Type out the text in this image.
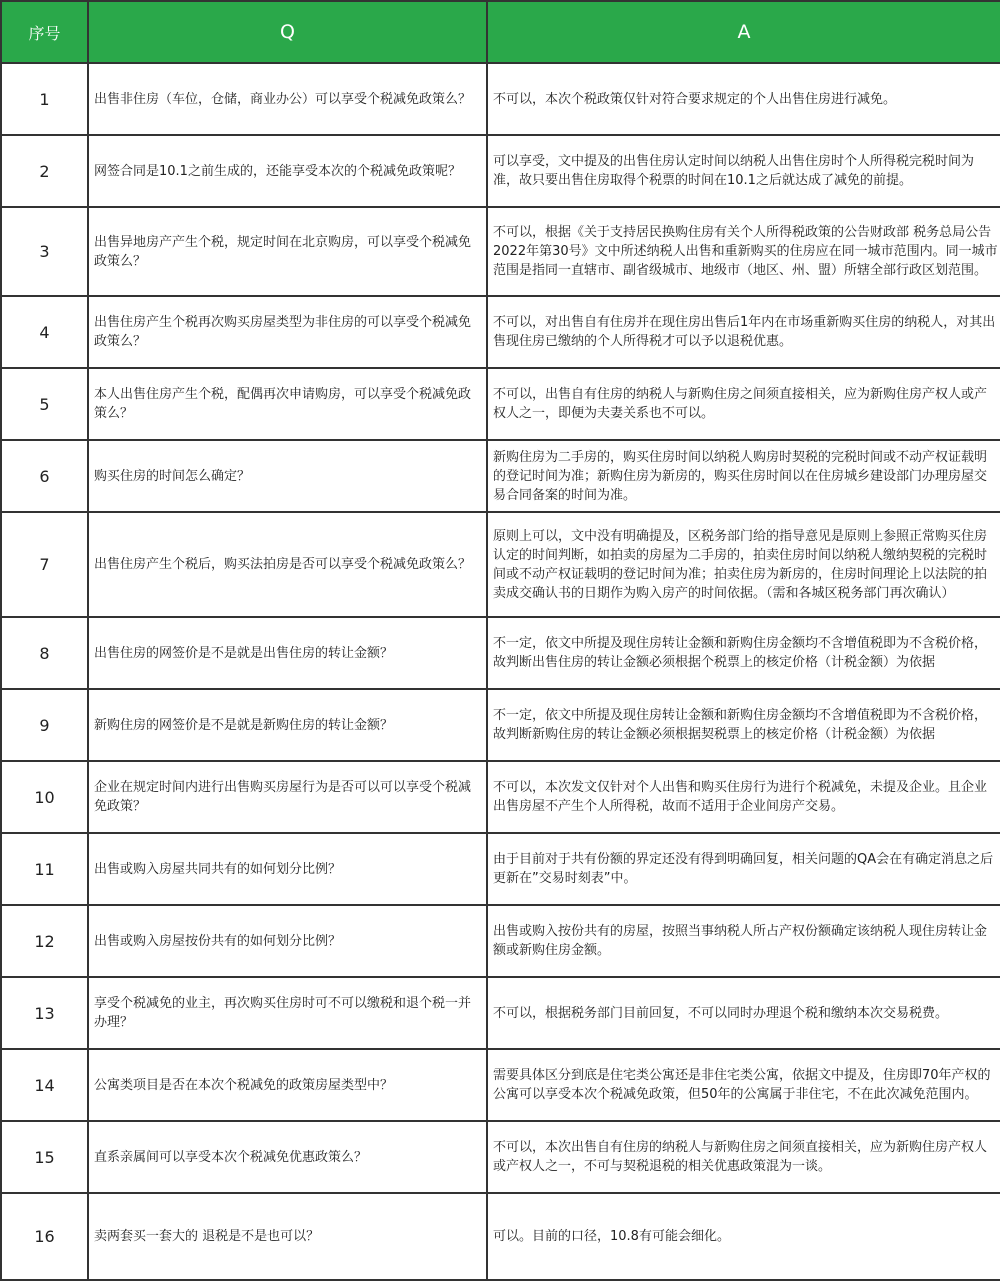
序号	Q	A
1	出售非住房（车位，仓储，商业办公）可以享受个税减免政策么？	不可以，本次个税政策仅针对符合要求规定的个人出售住房进行减免。
2	网签合同是10.1之前生成的，还能享受本次的个税减免政策呢？	可以享受，文中提及的出售住房认定时间以纳税人出售住房时个人所得税完税时间为准，故只要出售住房取得个税票的时间在10.1之后就达成了减免的前提。
3	出售异地房产产生个税，规定时间在北京购房，可以享受个税减免政策么？	不可以，根据《关于支持居民换购住房有关个人所得税政策的公告财政部 税务总局公告 2022年第30号》文中所述纳税人出售和重新购买的住房应在同一城市范围内。同一城市范围是指同一直辖市、副省级城市、地级市（地区、州、盟）所辖全部行政区划范围。
4	出售住房产生个税再次购买房屋类型为非住房的可以享受个税减免政策么？	不可以，对出售自有住房并在现住房出售后1年内在市场重新购买住房的纳税人，对其出售现住房已缴纳的个人所得税才可以予以退税优惠。
5	本人出售住房产生个税，配偶再次申请购房，可以享受个税减免政策么？	不可以，出售自有住房的纳税人与新购住房之间须直接相关，应为新购住房产权人或产权人之一，即便为夫妻关系也不可以。
6	购买住房的时间怎么确定？	新购住房为二手房的，购买住房时间以纳税人购房时契税的完税时间或不动产权证载明的登记时间为准；新购住房为新房的，购买住房时间以在住房城乡建设部门办理房屋交易合同备案的时间为准。
7	出售住房产生个税后，购买法拍房是否可以享受个税减免政策么？	原则上可以，文中没有明确提及，区税务部门给的指导意见是原则上参照正常购买住房认定的时间判断，如拍卖的房屋为二手房的，拍卖住房时间以纳税人缴纳契税的完税时间或不动产权证载明的登记时间为准；拍卖住房为新房的，住房时间理论上以法院的拍卖成交确认书的日期作为购入房产的时间依据。（需和各城区税务部门再次确认）
8	出售住房的网签价是不是就是出售住房的转让金额？	不一定，依文中所提及现住房转让金额和新购住房金额均不含增值税即为不含税价格，故判断出售住房的转让金额必须根据个税票上的核定价格（计税金额）为依据
9	新购住房的网签价是不是就是新购住房的转让金额？	不一定，依文中所提及现住房转让金额和新购住房金额均不含增值税即为不含税价格，故判断新购住房的转让金额必须根据契税票上的核定价格（计税金额）为依据
10	企业在规定时间内进行出售购买房屋行为是否可以可以享受个税减免政策？	不可以，本次发文仅针对个人出售和购买住房行为进行个税减免，未提及企业。且企业出售房屋不产生个人所得税，故而不适用于企业间房产交易。
11	出售或购入房屋共同共有的如何划分比例？	由于目前对于共有份额的界定还没有得到明确回复，相关问题的QA会在有确定消息之后更新在”交易时刻表”中。
12	出售或购入房屋按份共有的如何划分比例？	出售或购入按份共有的房屋，按照当事纳税人所占产权份额确定该纳税人现住房转让金额或新购住房金额。
13	享受个税减免的业主，再次购买住房时可不可以缴税和退个税一并办理？	不可以，根据税务部门目前回复，不可以同时办理退个税和缴纳本次交易税费。
14	公寓类项目是否在本次个税减免的政策房屋类型中？	需要具体区分到底是住宅类公寓还是非住宅类公寓，依据文中提及，住房即70年产权的公寓可以享受本次个税减免政策，但50年的公寓属于非住宅，不在此次减免范围内。
15	直系亲属间可以享受本次个税减免优惠政策么？	不可以，本次出售自有住房的纳税人与新购住房之间须直接相关，应为新购住房产权人或产权人之一，不可与契税退税的相关优惠政策混为一谈。
16	卖两套买一套大的 退税是不是也可以？	可以。目前的口径，10.8有可能会细化。
